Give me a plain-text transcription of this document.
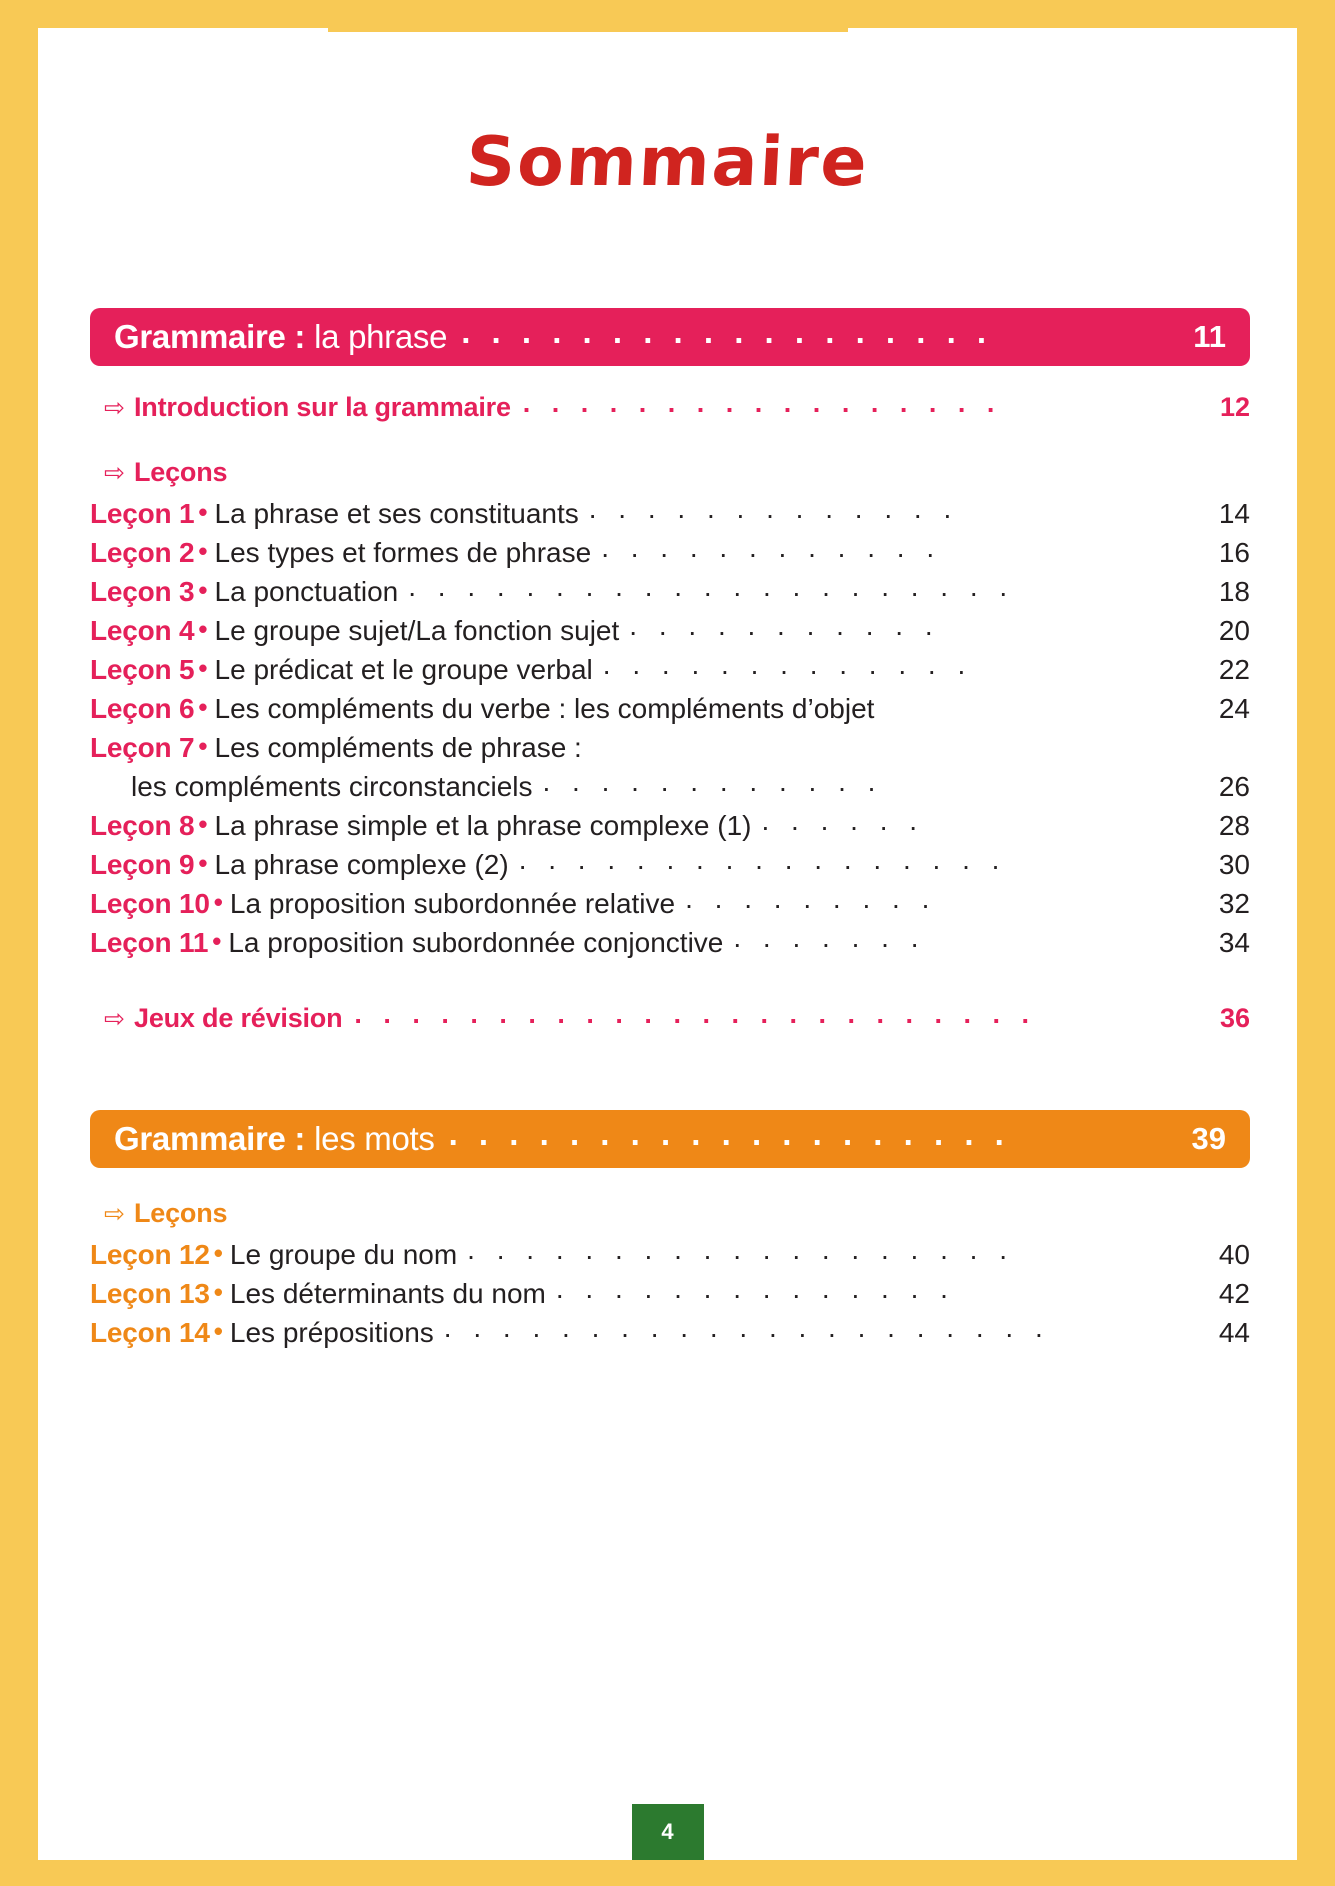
Sommaire
Grammaire : la phrase . . . . . . . . . . . . . . . . . .	11
⇨ Introduction sur la grammaire . . . . . . . . . . . . . . . . .	12
⇨ Leçons
Leçon 1 • La phrase et ses constituants . . . . . . . . . . . . .	14
Leçon 2 • Les types et formes de phrase . . . . . . . . . . . .	16
Leçon 3 • La ponctuation . . . . . . . . . . . . . . . . . . . . .	18
Leçon 4 • Le groupe sujet/La fonction sujet . . . . . . . . . . .	20
Leçon 5 • Le prédicat et le groupe verbal . . . . . . . . . . . . .	22
Leçon 6 • Les compléments du verbe : les compléments d’objet	24
Leçon 7 • Les compléments de phrase :
les compléments circonstanciels . . . . . . . . . . . .	26
Leçon 8 • La phrase simple et la phrase complexe (1) . . . . . .	28
Leçon 9 • La phrase complexe (2) . . . . . . . . . . . . . . . . .	30
Leçon 10 • La proposition subordonnée relative . . . . . . . . .	32
Leçon 11 • La proposition subordonnée conjonctive . . . . . . .	34
⇨ Jeux de révision . . . . . . . . . . . . . . . . . . . . . . . .	36
Grammaire : les mots . . . . . . . . . . . . . . . . . . .	39
⇨ Leçons
Leçon 12 • Le groupe du nom . . . . . . . . . . . . . . . . . . .	40
Leçon 13 • Les déterminants du nom . . . . . . . . . . . . . .	42
Leçon 14 • Les prépositions . . . . . . . . . . . . . . . . . . . . .	44
4
